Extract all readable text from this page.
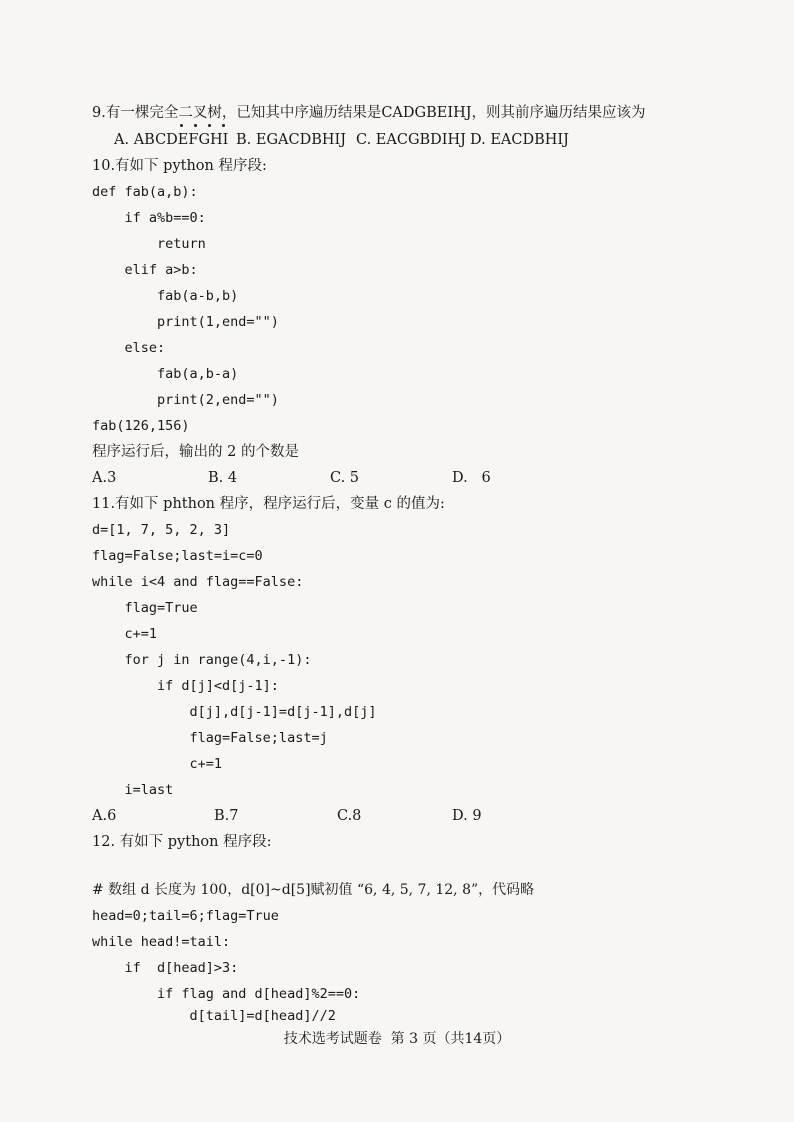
9.有一棵完全二叉树，已知其中序遍历结果是CADGBEIHJ，则其前序遍历结果应该为
A. ABCDEFGHI B. EGACDBHIJ C. EACGBDIHJ D. EACDBHIJ
10.有如下 python 程序段:
def fab(a,b):
if a%b==0:
return
elif a>b:
fab(a-b,b)
print(1,end="")
else:
fab(a,b-a)
print(2,end="")
fab(126,156)
程序运行后，输出的 2 的个数是
A.3	B. 4	C. 5	D.   6
11.有如下 phthon 程序，程序运行后，变量 c 的值为:
d=[1, 7, 5, 2, 3]
flag=False;last=i=c=0
while i<4 and flag==False:
flag=True
c+=1
for j in range(4,i,-1):
if d[j]<d[j-1]:
d[j],d[j-1]=d[j-1],d[j]
flag=False;last=j
c+=1
i=last
A.6	B.7	C.8	D. 9
12. 有如下 python 程序段:
# 数组 d 长度为 100，d[0]~d[5]赋初值 “6, 4, 5, 7, 12, 8”，代码略
head=0;tail=6;flag=True
while head!=tail:
if  d[head]>3:
if flag and d[head]%2==0:
d[tail]=d[head]//2
技术选考试题卷  第 3 页（共14页）
